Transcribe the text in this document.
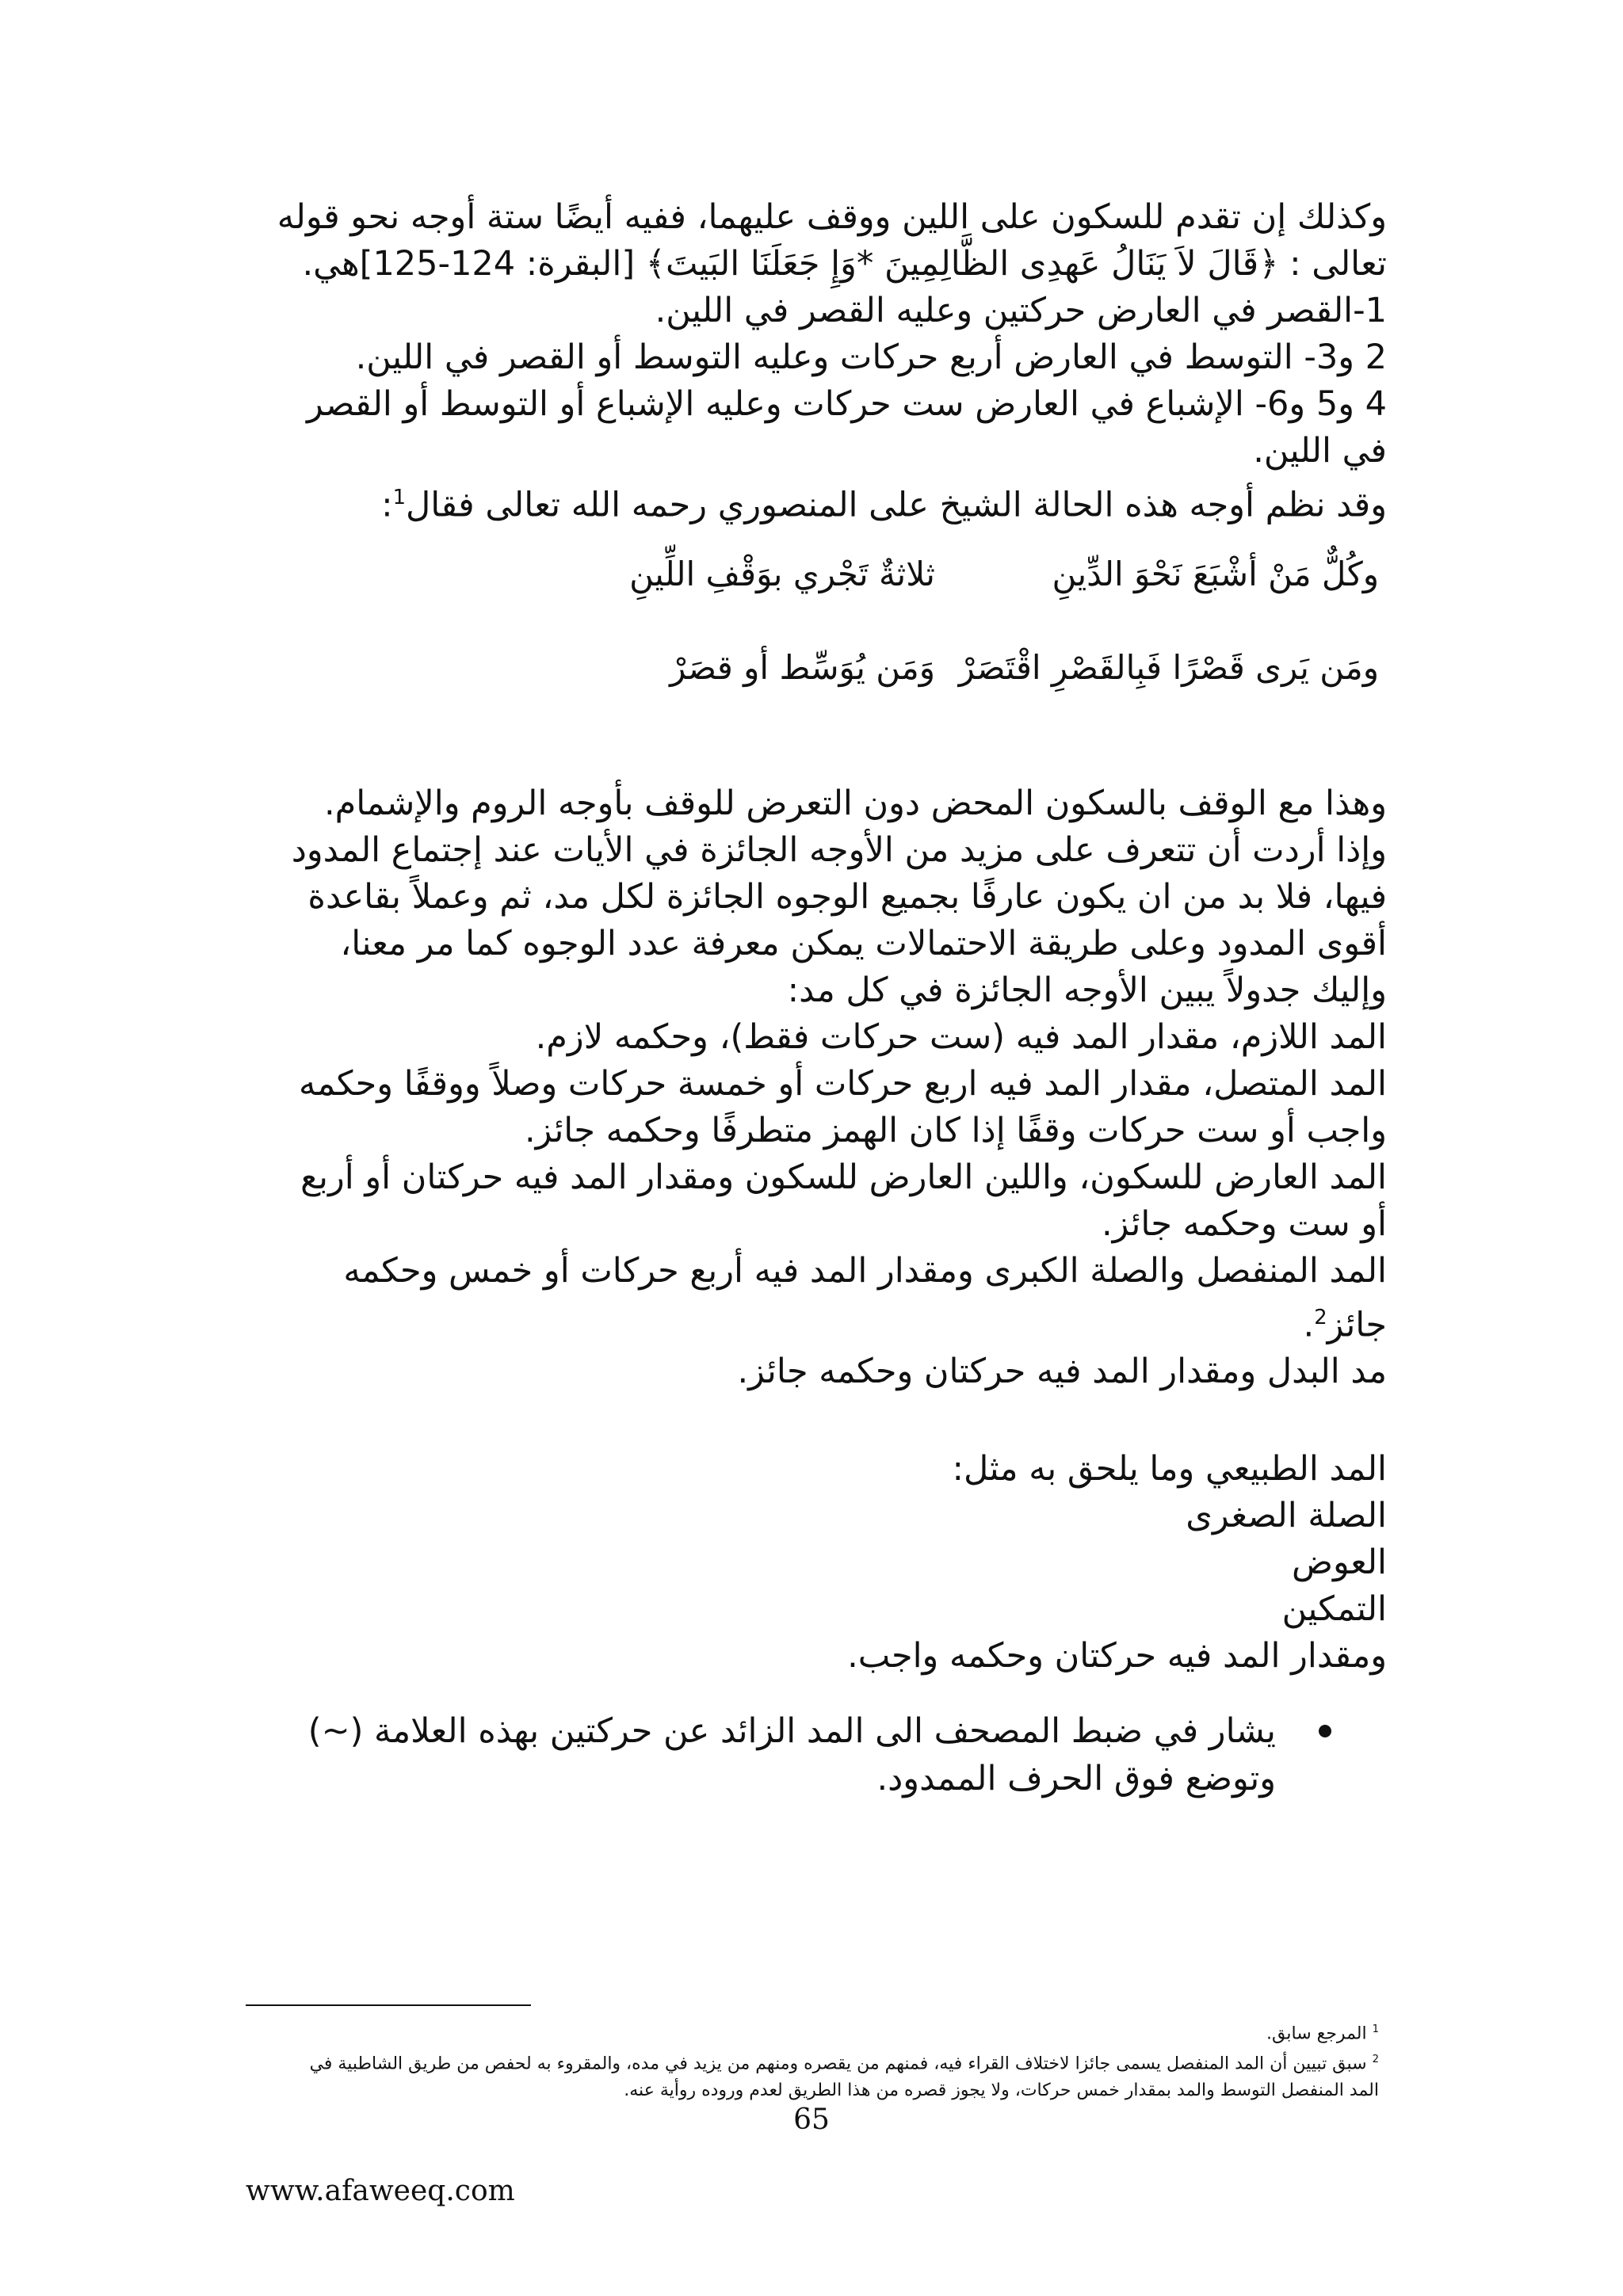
وكذلك إن تقدم للسكون على اللين ووقف عليهما، ففيه أيضًا ستة أوجه نحو قوله تعالى : ﴿قَالَ لاَ يَنَالُ عَهدِى الظَّالِمِينَ *وَإِ جَعَلَنَا البَيتَ﴾ [البقرة: 124-125]هي.

1-القصر في العارض حركتين وعليه القصر في اللين.

2 و3- التوسط في العارض أربع حركات وعليه التوسط أو القصر في اللين.

4 و5 و6- الإشباع في العارض ست حركات وعليه الإشباع أو التوسط أو القصر في اللين.

وقد نظم أوجه هذه الحالة الشيخ على المنصوري رحمه الله تعالى فقال$^1$:

وكُلٌّ مَنْ أشْبَعَ نَحْوَ الدِّينِ
ثلاثةٌ تَجْري بوَقْفِ اللِّينِ
ومَن يَرى قَصْرًا فَبِالقَصْرِ اقْتَصَرْ
وَمَن يُوَسِّط أو قصَرْ

وهذا مع الوقف بالسكون المحض دون التعرض للوقف بأوجه الروم والإشمام.

وإذا أردت أن تتعرف على مزيد من الأوجه الجائزة في الأيات عند إجتماع المدود فيها، فلا بد من ان يكون عارفًا بجميع الوجوه الجائزة لكل مد، ثم وعملاً بقاعدة أقوى المدود وعلى طريقة الاحتمالات يمكن معرفة عدد الوجوه كما مر معنا، وإليك جدولاً يبين الأوجه الجائزة في كل مد:

المد اللازم، مقدار المد فيه (ست حركات فقط)، وحكمه لازم.

المد المتصل، مقدار المد فيه اربع حركات أو خمسة حركات وصلاً ووقفًا وحكمه واجب أو ست حركات وقفًا إذا كان الهمز متطرفًا وحكمه جائز.

المد العارض للسكون، واللين العارض للسكون ومقدار المد فيه حركتان أو أربع أو ست وحكمه جائز.

المد المنفصل والصلة الكبرى ومقدار المد فيه أربع حركات أو خمس وحكمه جائز$^2$.

مد البدل ومقدار المد فيه حركتان وحكمه جائز.

المد الطبيعي وما يلحق به مثل:

الصلة الصغرى

العوض

التمكين

ومقدار المد فيه حركتان وحكمه واجب.

يشار في ضبط المصحف الى المد الزائد عن حركتين بهذه العلامة (~) وتوضع فوق الحرف الممدود.

$^1$ المرجع سابق.

$^2$ سبق تبيين أن المد المنفصل يسمى جائزا لاختلاف القراء فيه، فمنهم من يقصره ومنهم من يزيد في مده، والمقروء به لحفص من طريق الشاطبية في المد المنفصل التوسط والمد بمقدار خمس حركات، ولا يجوز قصره من هذا الطريق لعدم وروده روأية عنه.

65
www.afaweeq.com
